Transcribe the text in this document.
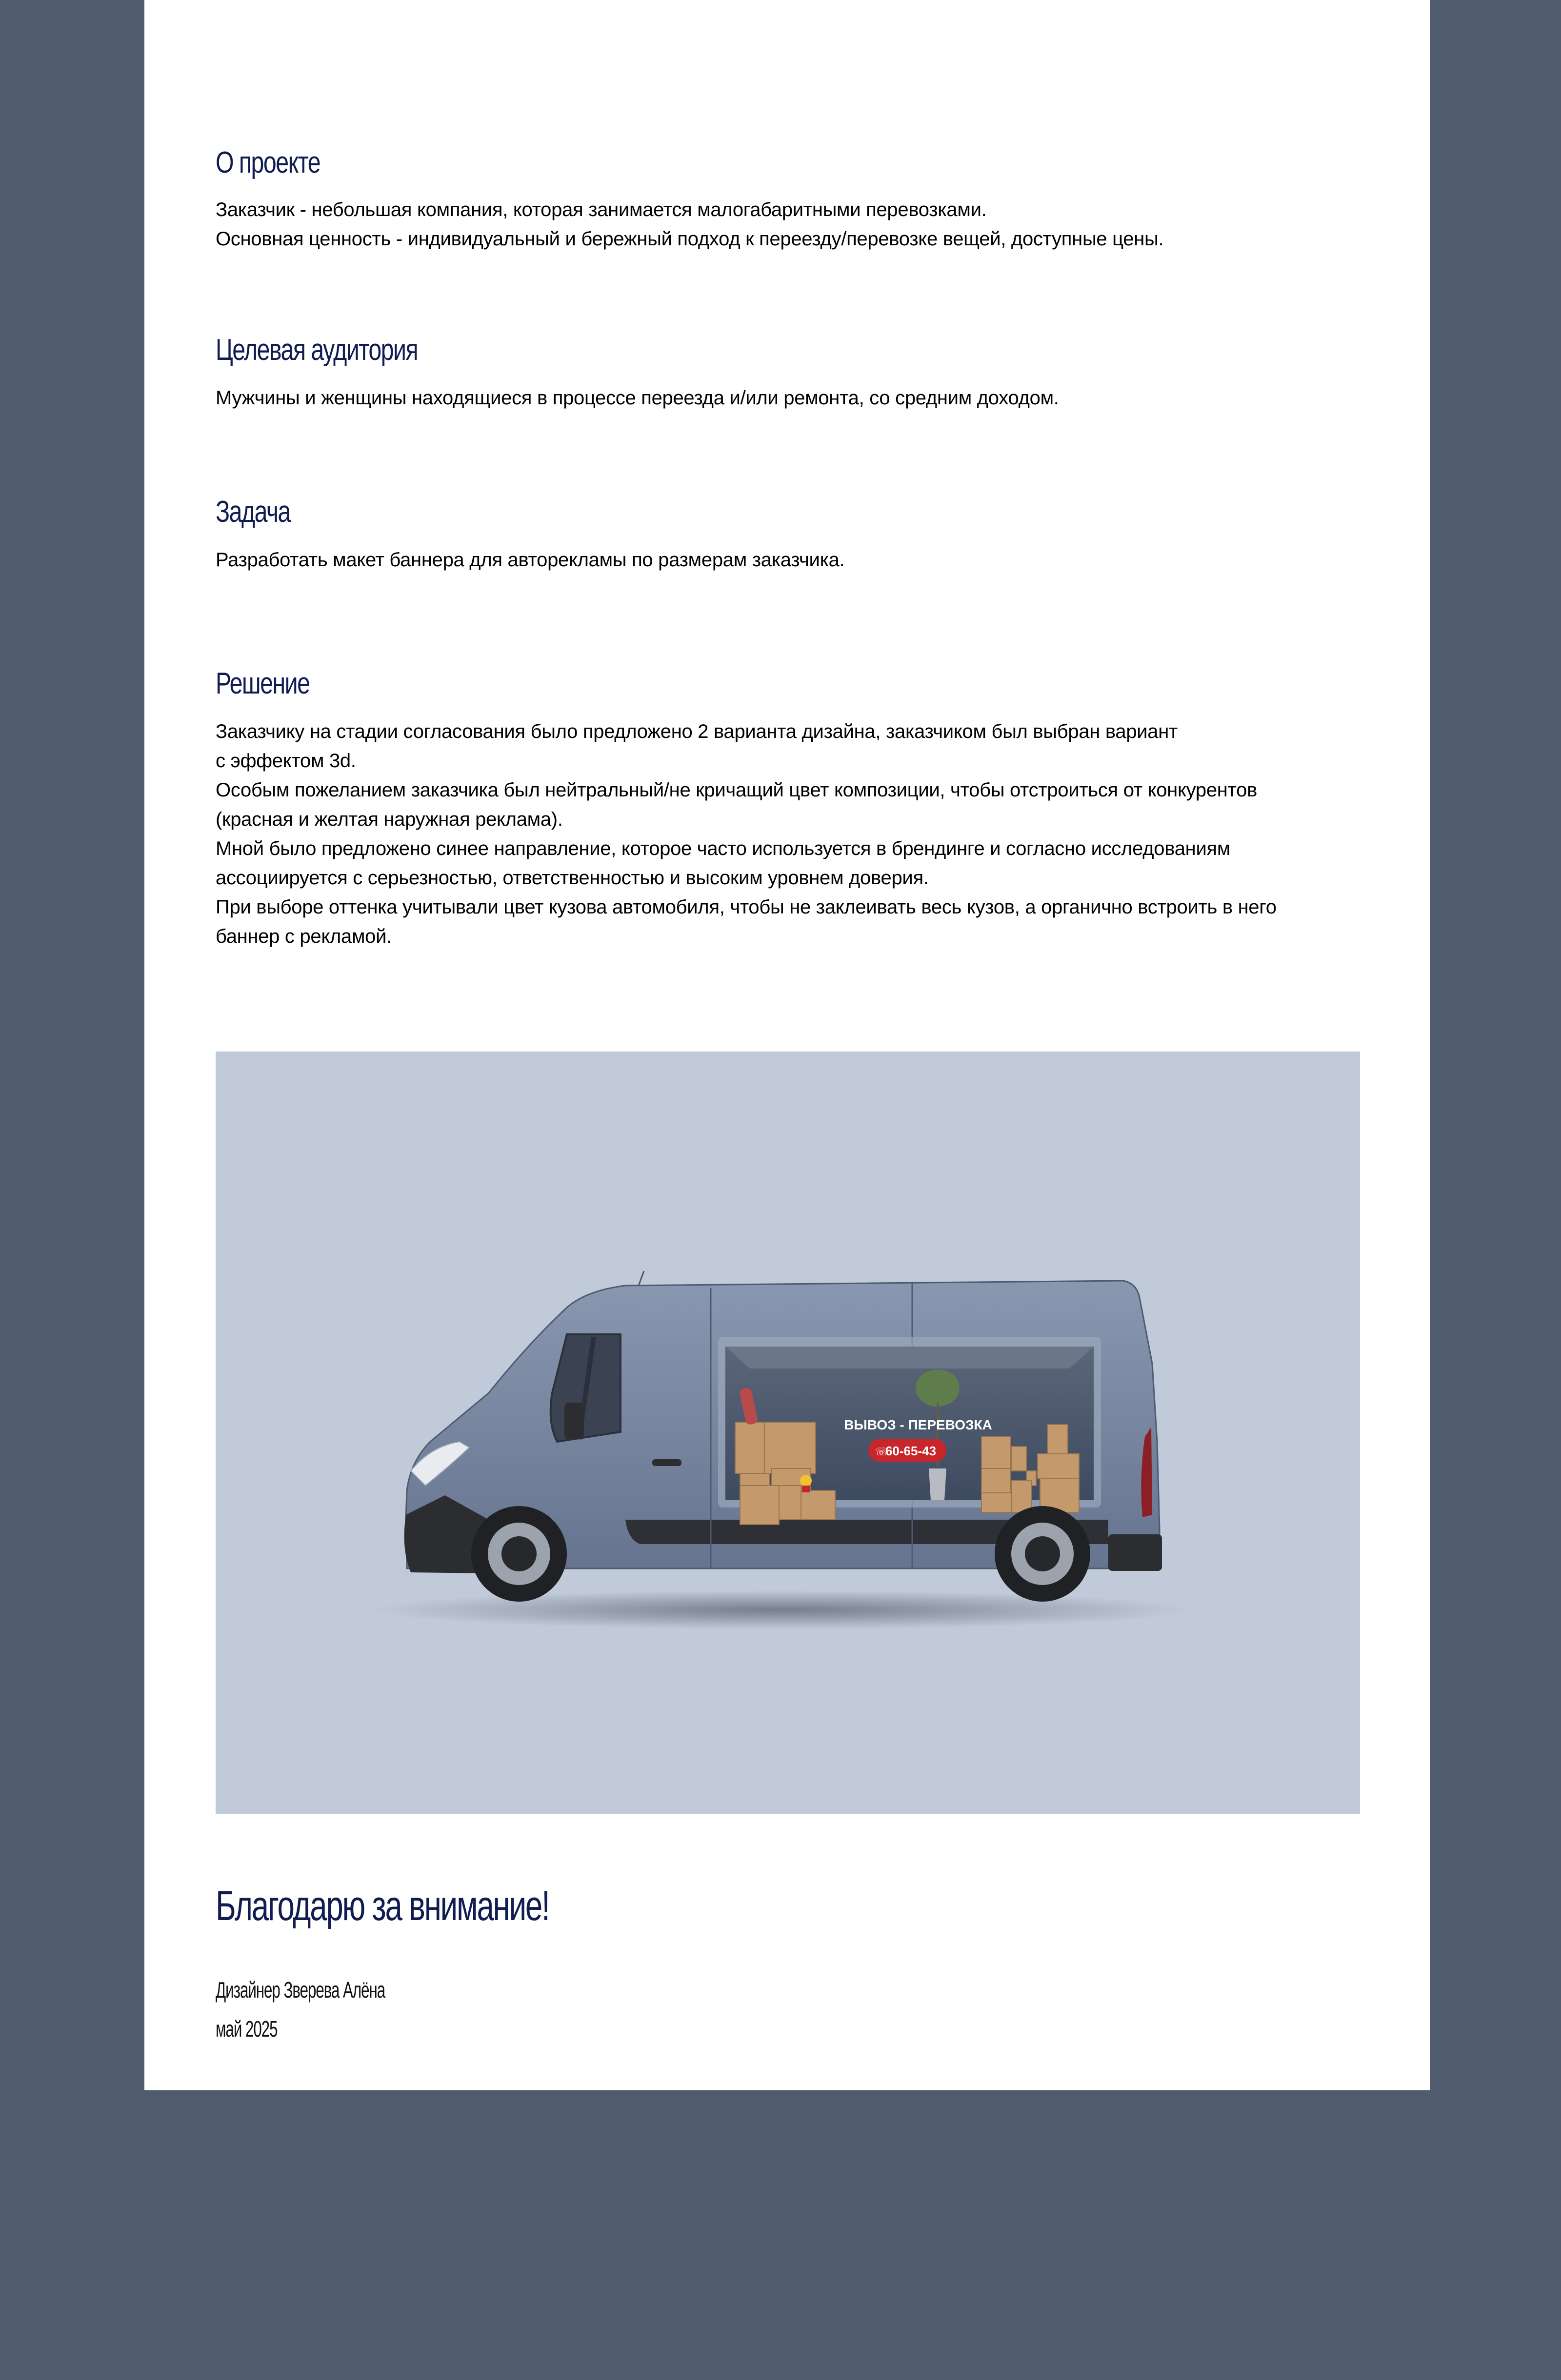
О проекте
Заказчик - небольшая компания, которая занимается малогабаритными перевозками.
Основная ценность - индивидуальный и бережный подход к переезду/перевозке вещей, доступные цены.
Целевая аудитория
Мужчины и женщины находящиеся в процессе переезда и/или ремонта, со средним доходом.
Задача
Разработать макет баннера для авторекламы по размерам заказчика.
Решение
Заказчику на стадии согласования было предложено 2 варианта дизайна, заказчиком был выбран вариант
с эффектом 3d.
Особым пожеланием заказчика был нейтральный/не кричащий цвет композиции, чтобы отстроиться от конкурентов
(красная и желтая наружная реклама).
Мной было предложено синее направление, которое часто используется в брендинге и согласно исследованиям
ассоциируется с серьезностью, ответственностью и высоким уровнем доверия.
При выборе оттенка учитывали цвет кузова автомобиля, чтобы не заклеивать весь кузов, а органично встроить в него
баннер с рекламой.
ВЫВОЗ - ПЕРЕВОЗКА
60-65-43
☏
Благодарю за внимание!
Дизайнер Зверева Алёна
май 2025
